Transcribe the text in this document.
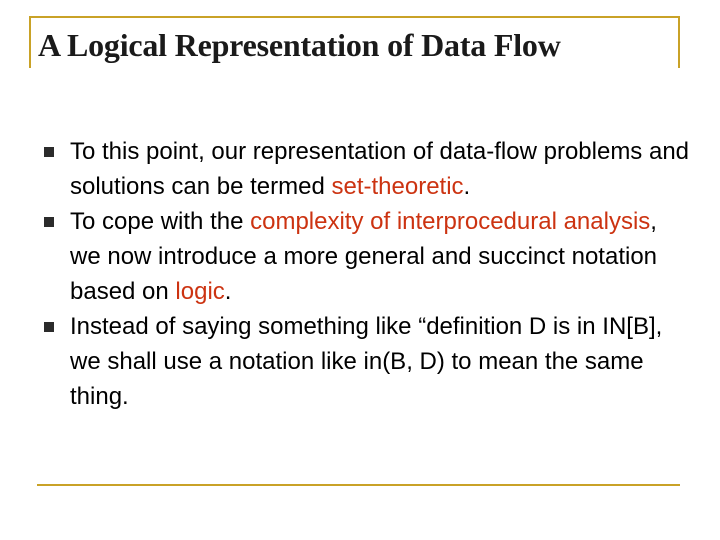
A Logical Representation of Data Flow
To this point, our representation of data-flow problems and solutions can be termed set-theoretic.
To cope with the complexity of interprocedural analysis, we now introduce a more general and succinct notation based on logic.
Instead of saying something like “definition D is in IN[B], we shall use a notation like in(B, D) to mean the same thing.
